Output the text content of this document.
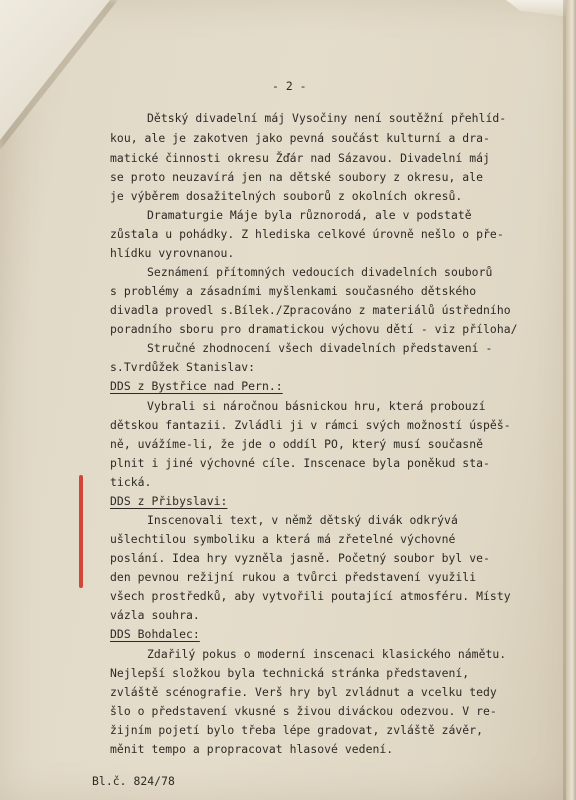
- 2 -

Dětský divadelní máj Vysočiny není soutěžní přehlíd-

kou, ale je zakotven jako pevná součást kulturní a dra-

matické činnosti okresu Žďár nad Sázavou. Divadelní máj

se proto neuzavírá jen na dětské soubory z okresu, ale

je výběrem dosažitelných souborů z okolních okresů.

Dramaturgie Máje byla různorodá, ale v podstatě

zůstala u pohádky. Z hlediska celkové úrovně nešlo o pře-

hlídku vyrovnanou.

Seznámení přítomných vedoucích divadelních souborů

s problémy a zásadními myšlenkami současného dětského

divadla provedl s.Bílek./Zpracováno z materiálů ústředního

poradního sboru pro dramatickou výchovu dětí - viz příloha/

Stručné zhodnocení všech divadelních představení -

s.Tvrdůžek Stanislav:

DDS z Bystřice nad Pern.:

Vybrali si náročnou básnickou hru, která probouzí

dětskou fantazii. Zvládli ji v rámci svých možností úspěš-

ně, uvážíme-li, že jde o oddíl PO, který musí současně

plnit i jiné výchovné cíle. Inscenace byla poněkud sta-

tická.

DDS z Přibyslavi:

Inscenovali text, v němž dětský divák odkrývá

ušlechtilou symboliku a která má zřetelné výchovné

poslání. Idea hry vyzněla jasně. Početný soubor byl ve-

den pevnou režijní rukou a tvůrci představení využili

všech prostředků, aby vytvořili poutající atmosféru. Místy

vázla souhra.

DDS Bohdalec:

Zdařilý pokus o moderní inscenaci klasického námětu.

Nejlepší složkou byla technická stránka představení,

zvláště scénografie. Verš hry byl zvládnut a vcelku tedy

šlo o představení vkusné s živou diváckou odezvou. V re-

žijním pojetí bylo třeba lépe gradovat, zvláště závěr,

měnit tempo a propracovat hlasové vedení.

Bl.č. 824/78
